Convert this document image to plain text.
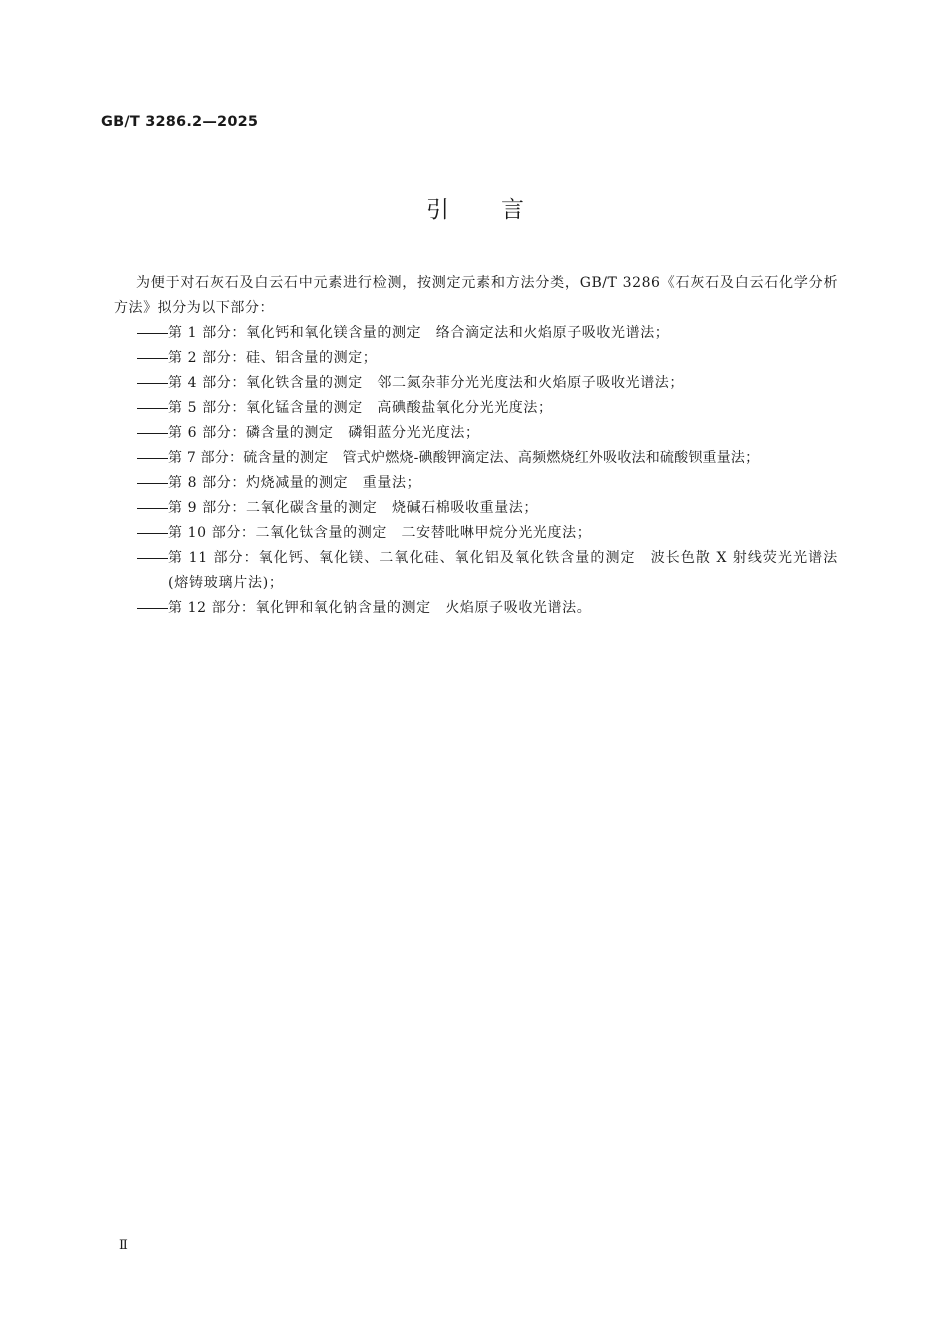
GB/T 3286.2—2025
引言

为便于对石灰石及白云石中元素进行检测，按测定元素和方法分类，GB/T 3286《石灰石及白云石化学分析方法》拟分为以下部分：

第 1 部分：氧化钙和氧化镁含量的测定　络合滴定法和火焰原子吸收光谱法；
第 2 部分：硅、铝含量的测定；
第 4 部分：氧化铁含量的测定　邻二氮杂菲分光光度法和火焰原子吸收光谱法；
第 5 部分：氧化锰含量的测定　高碘酸盐氧化分光光度法；
第 6 部分：磷含量的测定　磷钼蓝分光光度法；
第 7 部分：硫含量的测定　管式炉燃烧-碘酸钾滴定法、高频燃烧红外吸收法和硫酸钡重量法；
第 8 部分：灼烧减量的测定　重量法；
第 9 部分：二氧化碳含量的测定　烧碱石棉吸收重量法；
第 10 部分：二氧化钛含量的测定　二安替吡啉甲烷分光光度法；
第 11 部分：氧化钙、氧化镁、二氧化硅、氧化铝及氧化铁含量的测定　波长色散 X 射线荧光光谱法(熔铸玻璃片法)；
第 12 部分：氧化钾和氧化钠含量的测定　火焰原子吸收光谱法。
Ⅱ
